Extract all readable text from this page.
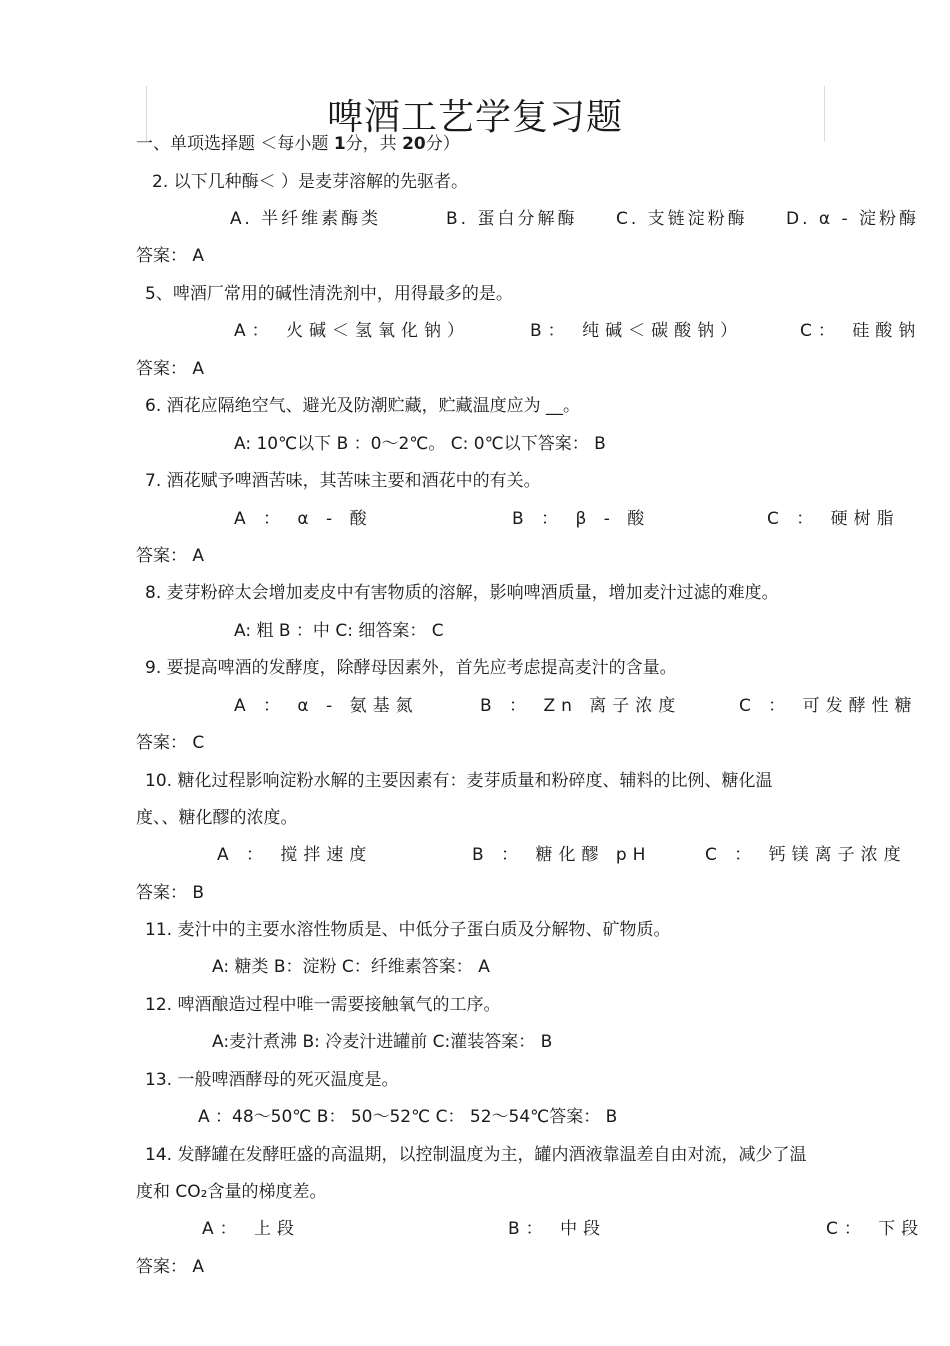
啤酒工艺学复习题
一、单项选择题 ＜每小题 1分，共 20分）
2. 以下几种酶＜ ）是麦芽溶解的先驱者。
A. 半纤维素酶类	B. 蛋白分解酶 C. 支链淀粉酶 D. α - 淀粉酶
答案： A
5、啤酒厂常用的碱性清洗剂中，用得最多的是。
A： 火碱＜氢氧化钠）	B： 纯碱＜碳酸钠）	C： 硅酸钠
答案： A
6. 酒花应隔绝空气、避光及防潮贮藏，贮藏温度应为 __。
A: 10℃以下 B ：0～2℃。 C: 0℃以下答案： B
7. 酒花赋予啤酒苦味，其苦味主要和酒花中的有关。
A ： α - 酸	B ： β - 酸	C ： 硬树脂
答案： A
8. 麦芽粉碎太会增加麦皮中有害物质的溶解，影响啤酒质量，增加麦汁过滤的难度。
A: 粗 B ：中 C: 细答案： C
9. 要提高啤酒的发酵度，除酵母因素外，首先应考虑提高麦汁的含量。
A ： α - 氨基氮	B ： Zn 离子浓度	C ： 可发酵性糖
答案： C
10. 糖化过程影响淀粉水解的主要因素有：麦芽质量和粉碎度、辅料的比例、糖化温
度、、糖化醪的浓度。
A ： 搅拌速度	B ： 糖化醪 pH	C ： 钙镁离子浓度
答案： B
11. 麦汁中的主要水溶性物质是、中低分子蛋白质及分解物、矿物质。
A: 糖类 B：淀粉 C：纤维素答案： A
12. 啤酒酿造过程中唯一需要接触氧气的工序。
A:麦汁煮沸 B: 冷麦汁进罐前 C:灌装答案： B
13. 一般啤酒酵母的死灭温度是。
A ：48～50℃ B： 50～52℃ C： 52～54℃答案： B
14. 发酵罐在发酵旺盛的高温期，以控制温度为主，罐内酒液靠温差自由对流，减少了温
度和 CO₂含量的梯度差。
A： 上段	B： 中段	C： 下段
答案： A
